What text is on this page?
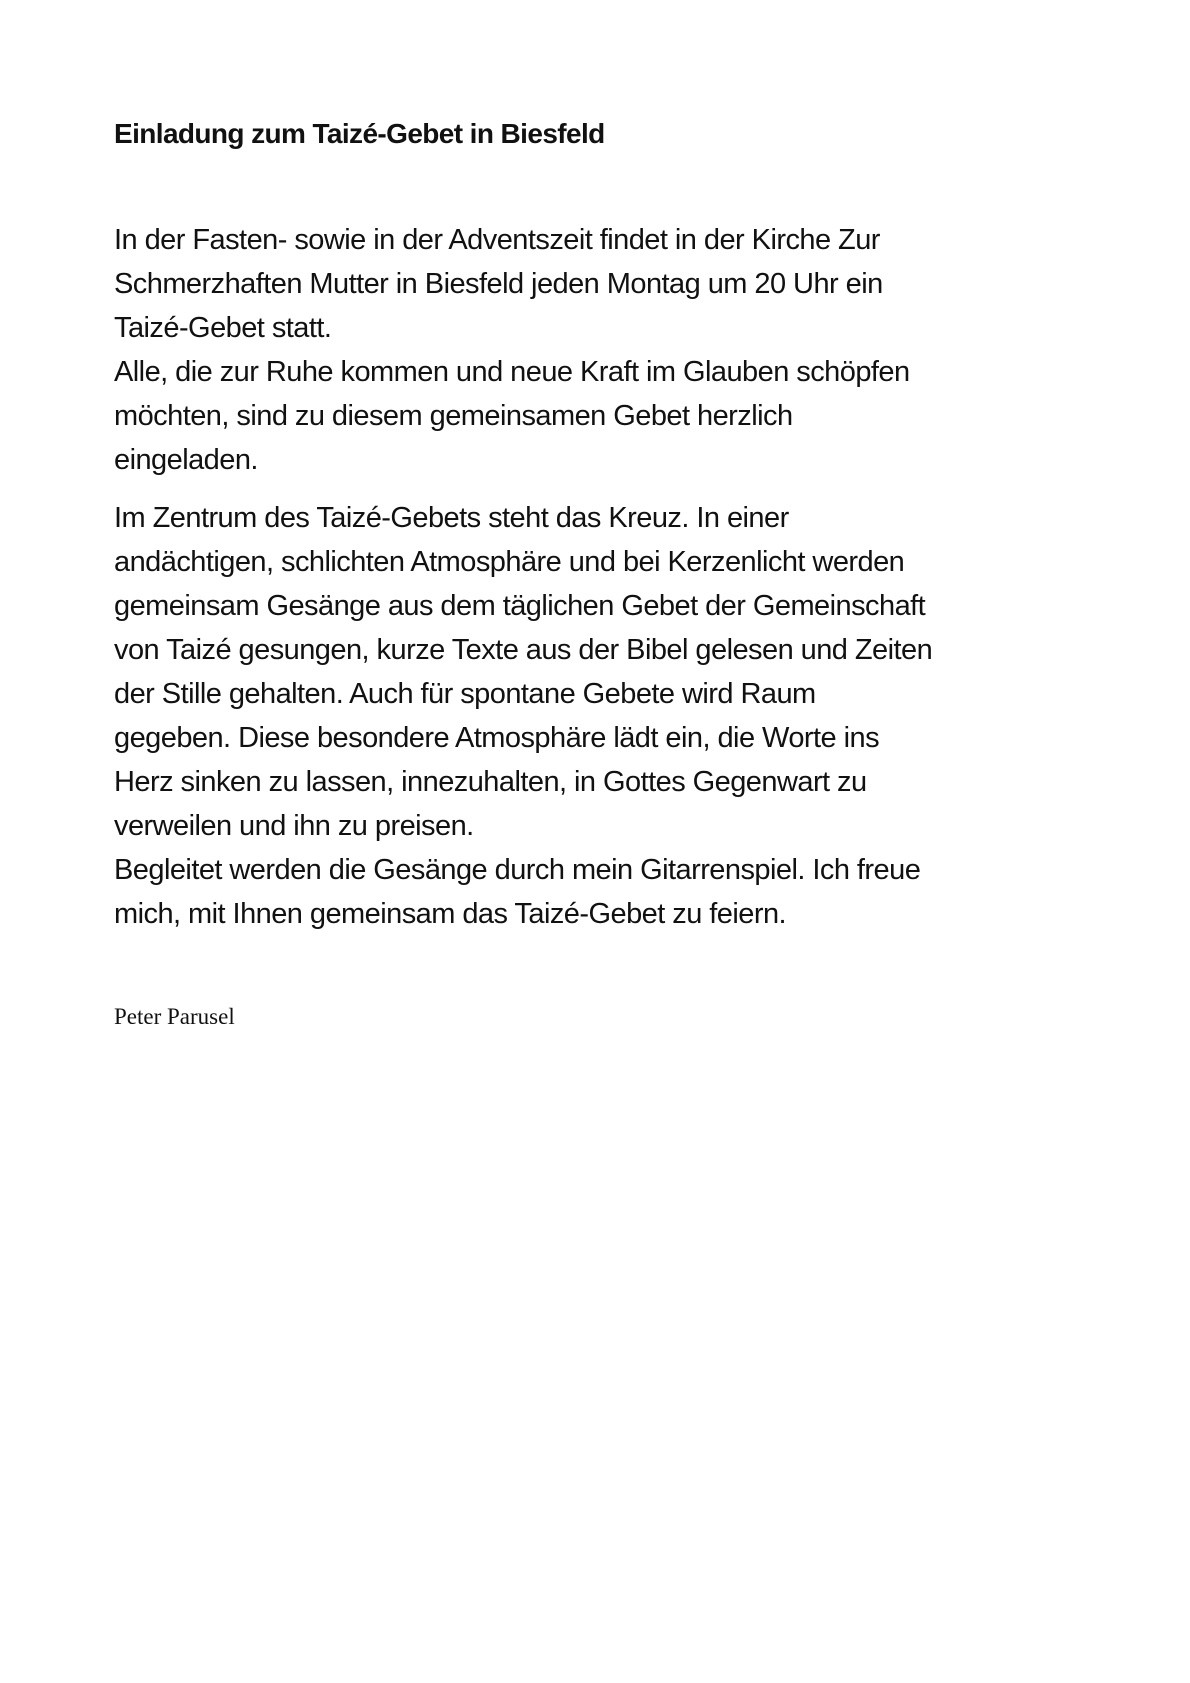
Einladung zum Taizé-Gebet in Biesfeld
In der Fasten- sowie in der Adventszeit findet in der Kirche Zur
Schmerzhaften Mutter in Biesfeld jeden Montag um 20 Uhr ein
Taizé-Gebet statt.
Alle, die zur Ruhe kommen und neue Kraft im Glauben schöpfen
möchten, sind zu diesem gemeinsamen Gebet herzlich
eingeladen.
Im Zentrum des Taizé-Gebets steht das Kreuz. In einer
andächtigen, schlichten Atmosphäre und bei Kerzenlicht werden
gemeinsam Gesänge aus dem täglichen Gebet der Gemeinschaft
von Taizé gesungen, kurze Texte aus der Bibel gelesen und Zeiten
der Stille gehalten. Auch für spontane Gebete wird Raum
gegeben. Diese besondere Atmosphäre lädt ein, die Worte ins
Herz sinken zu lassen, innezuhalten, in Gottes Gegenwart zu
verweilen und ihn zu preisen.
Begleitet werden die Gesänge durch mein Gitarrenspiel. Ich freue
mich, mit Ihnen gemeinsam das Taizé-Gebet zu feiern.
Peter Parusel
